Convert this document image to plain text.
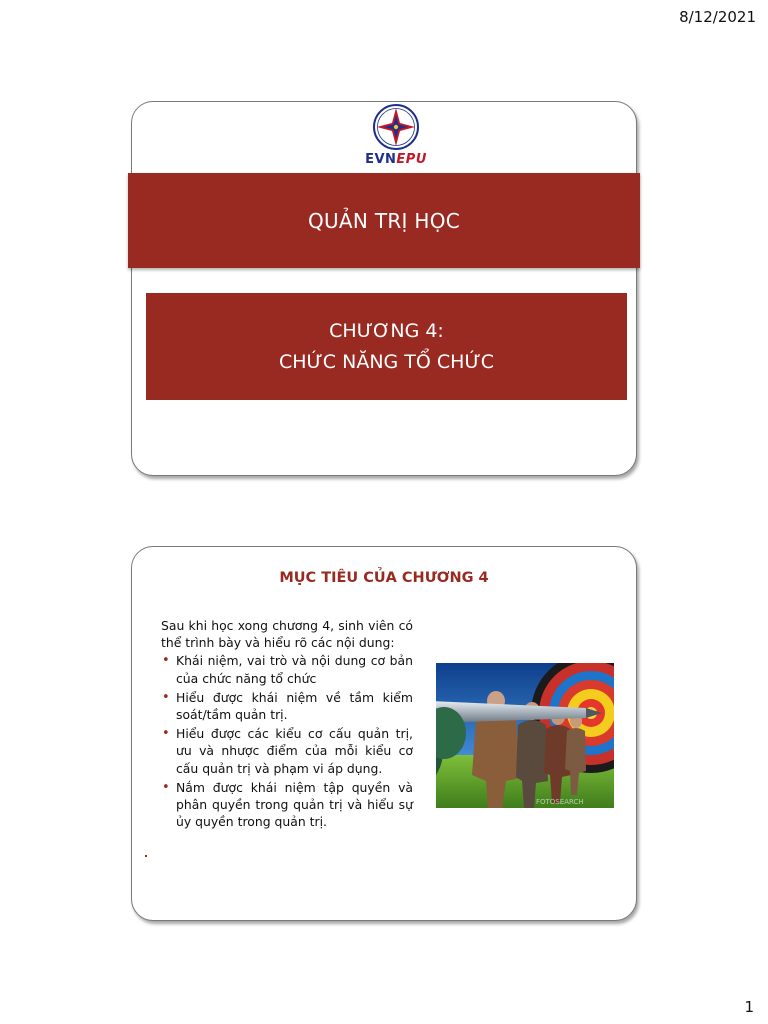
8/12/2021
EVNEPU
QUẢN TRỊ HỌC
CHƯƠNG 4:
CHỨC NĂNG TỔ CHỨC
MỤC TIÊU CỦA CHƯƠNG 4

Sau khi học xong chương 4, sinh viên có thể trình bày và hiểu rõ các nội dung:

• Khái niệm, vai trò và nội dung cơ bản của chức năng tổ chức
• Hiểu được khái niệm về tầm kiểm soát/tầm quản trị.
• Hiểu được các kiểu cơ cấu quản trị, ưu và nhược điểm của mỗi kiểu cơ cấu quản trị và phạm vi áp dụng.
• Nắm được khái niệm tập quyền và phân quyền trong quản trị và hiểu sự ủy quyền trong quản trị.
FOTOSEARCH
1
